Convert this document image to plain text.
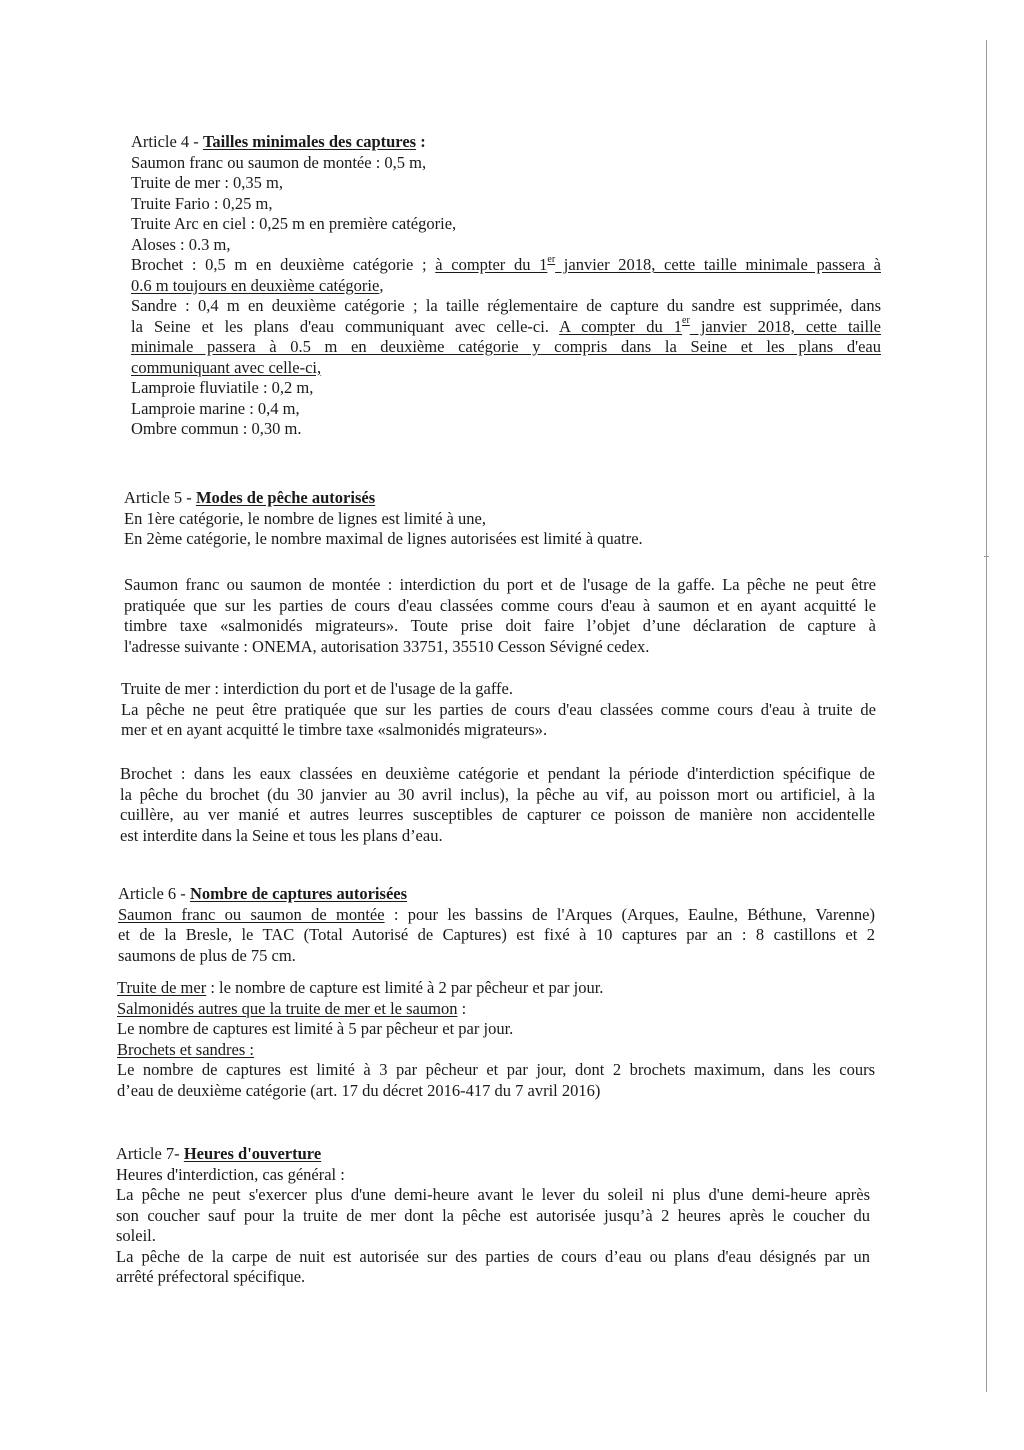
Article 4 - Tailles minimales des captures :
Saumon franc ou saumon de montée : 0,5 m,
Truite de mer : 0,35 m,
Truite Fario : 0,25 m,
Truite Arc en ciel : 0,25 m en première catégorie,
Aloses : 0.3 m,
Brochet : 0,5 m en deuxième catégorie ; à compter du 1er janvier 2018, cette taille minimale passera à
0.6 m toujours en deuxième catégorie,
Sandre : 0,4 m en deuxième catégorie ; la taille réglementaire de capture du sandre est supprimée, dans
la Seine et les plans d'eau communiquant avec celle-ci. A compter du 1er janvier 2018, cette taille
minimale passera à 0.5 m en deuxième catégorie y compris dans la Seine et les plans d'eau
communiquant avec celle-ci,
Lamproie fluviatile : 0,2 m,
Lamproie marine : 0,4 m,
Ombre commun : 0,30 m.
Article 5 - Modes de pêche autorisés
En 1ère catégorie, le nombre de lignes est limité à une,
En 2ème catégorie, le nombre maximal de lignes autorisées est limité à quatre.
Saumon franc ou saumon de montée : interdiction du port et de l'usage de la gaffe. La pêche ne peut être
pratiquée que sur les parties de cours d'eau classées comme cours d'eau à saumon et en ayant acquitté le
timbre taxe «salmonidés migrateurs». Toute prise doit faire l’objet d’une déclaration de capture à
l'adresse suivante : ONEMA, autorisation 33751, 35510 Cesson Sévigné cedex.
Truite de mer : interdiction du port et de l'usage de la gaffe.
La pêche ne peut être pratiquée que sur les parties de cours d'eau classées comme cours d'eau à truite de
mer et en ayant acquitté le timbre taxe «salmonidés migrateurs».
Brochet : dans les eaux classées en deuxième catégorie et pendant la période d'interdiction spécifique de
la pêche du brochet (du 30 janvier au 30 avril inclus), la pêche au vif, au poisson mort ou artificiel, à la
cuillère, au ver manié et autres leurres susceptibles de capturer ce poisson de manière non accidentelle
est interdite dans la Seine et tous les plans d’eau.
Article 6 - Nombre de captures autorisées
Saumon franc ou saumon de montée : pour les bassins de l'Arques (Arques, Eaulne, Béthune, Varenne)
et de la Bresle, le TAC (Total Autorisé de Captures) est fixé à 10 captures par an : 8 castillons et 2
saumons de plus de 75 cm.
Truite de mer : le nombre de capture est limité à 2 par pêcheur et par jour.
Salmonidés autres que la truite de mer et le saumon :
Le nombre de captures est limité à 5 par pêcheur et par jour.
Brochets et sandres :
Le nombre de captures est limité à 3 par pêcheur et par jour, dont 2 brochets maximum, dans les cours
d’eau de deuxième catégorie (art. 17 du décret 2016-417 du 7 avril 2016)
Article 7- Heures d'ouverture
Heures d'interdiction, cas général :
La pêche ne peut s'exercer plus d'une demi-heure avant le lever du soleil ni plus d'une demi-heure après
son coucher sauf pour la truite de mer dont la pêche est autorisée jusqu’à 2 heures après le coucher du
soleil.
La pêche de la carpe de nuit est autorisée sur des parties de cours d’eau ou plans d'eau désignés par un
arrêté préfectoral spécifique.
